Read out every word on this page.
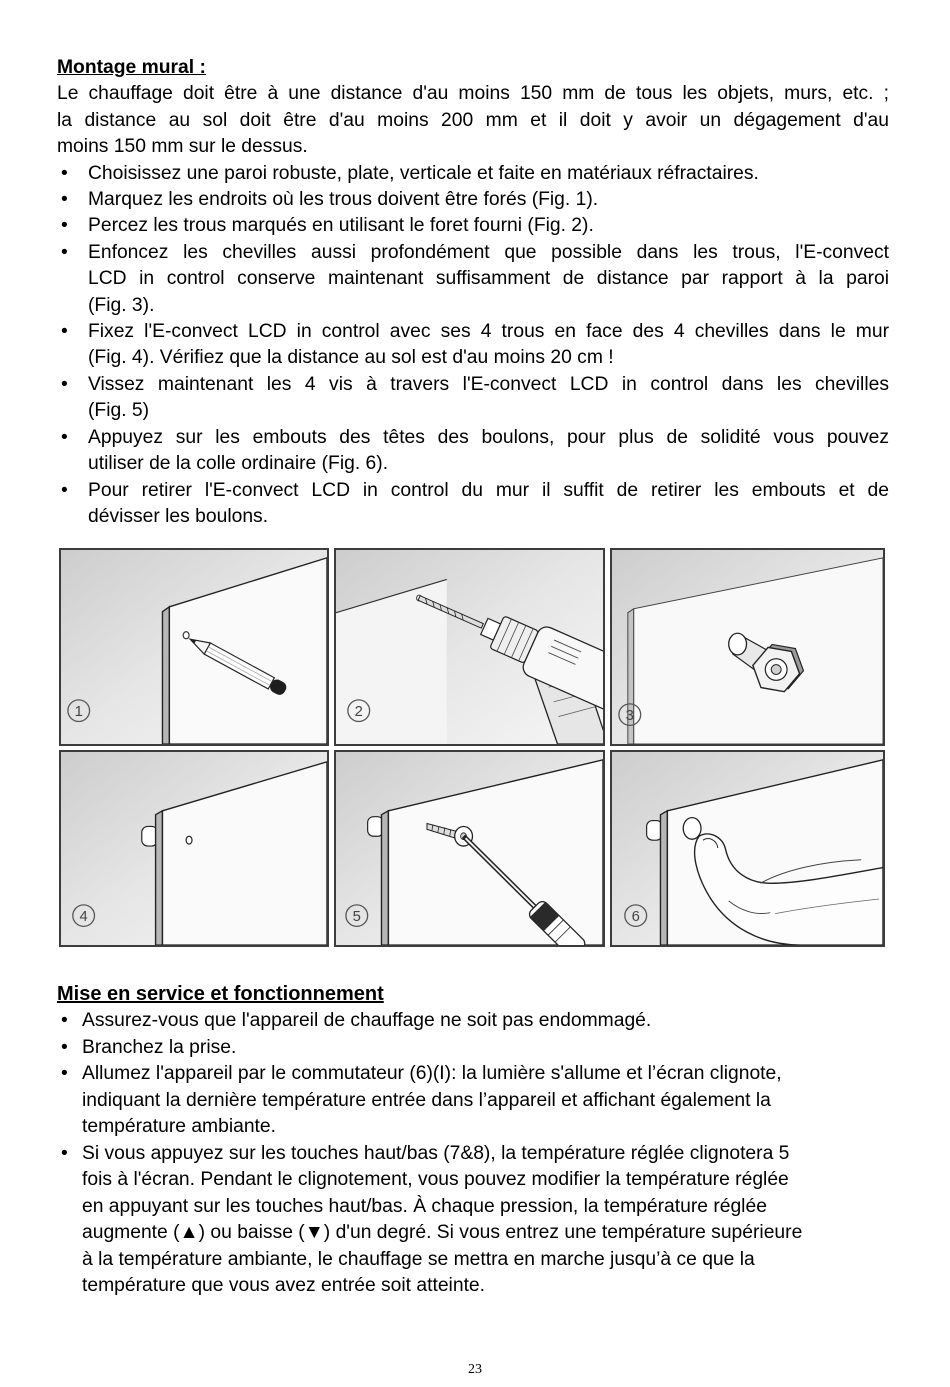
Montage mural :
Le chauffage doit être à une distance d'au moins 150 mm de tous les objets, murs, etc. ;
la distance au sol doit être d'au moins 200 mm et il doit y avoir un dégagement d'au
moins 150 mm sur le dessus.
• Choisissez une paroi robuste, plate, verticale et faite en matériaux réfractaires.
• Marquez les endroits où les trous doivent être forés (Fig. 1).
• Percez les trous marqués en utilisant le foret fourni (Fig. 2).
• Enfoncez les chevilles aussi profondément que possible dans les trous, l'E-convect
LCD in control conserve maintenant suffisamment de distance par rapport à la paroi
(Fig. 3).
• Fixez l'E-convect LCD in control avec ses 4 trous en face des 4 chevilles dans le mur
(Fig. 4). Vérifiez que la distance au sol est d'au moins 20 cm !
• Vissez maintenant les 4 vis à travers l'E-convect LCD in control dans les chevilles
(Fig. 5)
• Appuyez sur les embouts des têtes des boulons, pour plus de solidité vous pouvez
utiliser de la colle ordinaire (Fig. 6).
• Pour retirer l'E-convect LCD in control du mur il suffit de retirer les embouts et de
dévisser les boulons.
1	2	3
4	5	6
Mise en service et fonctionnement
• Assurez-vous que l'appareil de chauffage ne soit pas endommagé.
• Branchez la prise.
• Allumez l'appareil par le commutateur (6)(I): la lumière s'allume et l’écran clignote,
indiquant la dernière température entrée dans l’appareil et affichant également la
température ambiante.
• Si vous appuyez sur les touches haut/bas (7&8), la température réglée clignotera 5
fois à l'écran. Pendant le clignotement, vous pouvez modifier la température réglée
en appuyant sur les touches haut/bas. À chaque pression, la température réglée
augmente (▲) ou baisse (▼) d'un degré. Si vous entrez une température supérieure
à la température ambiante, le chauffage se mettra en marche jusqu’à ce que la
température que vous avez entrée soit atteinte.
23
